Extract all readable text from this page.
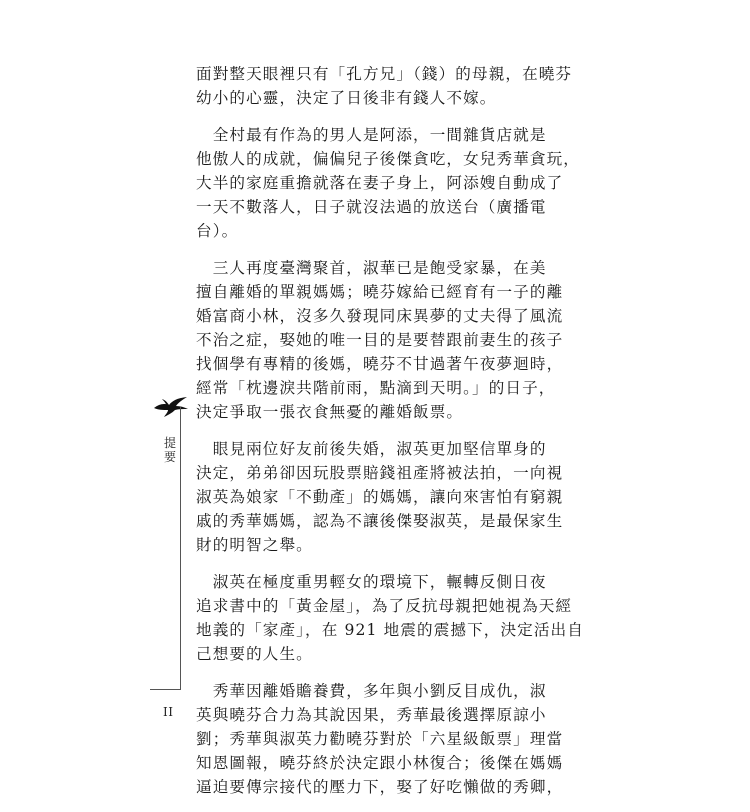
面對整天眼裡只有「孔方兄」（錢）的母親，在曉芬
幼小的心靈，決定了日後非有錢人不嫁。

　全村最有作為的男人是阿添，一間雜貨店就是
他傲人的成就，偏偏兒子後傑貪吃，女兒秀華貪玩，
大半的家庭重擔就落在妻子身上，阿添嫂自動成了
一天不數落人，日子就沒法過的放送台（廣播電
台）。

　三人再度臺灣聚首，淑華已是飽受家暴，在美
擅自離婚的單親媽媽；曉芬嫁給已經育有一子的離
婚富商小林，沒多久發現同床異夢的丈夫得了風流
不治之症，娶她的唯一目的是要替跟前妻生的孩子
找個學有專精的後媽，曉芬不甘過著午夜夢迴時，
經常「枕邊淚共階前雨，點滴到天明。」的日子，
決定爭取一張衣食無憂的離婚飯票。

　眼見兩位好友前後失婚，淑英更加堅信單身的
決定，弟弟卻因玩股票賠錢祖產將被法拍，一向視
淑英為娘家「不動產」的媽媽，讓向來害怕有窮親
戚的秀華媽媽，認為不讓後傑娶淑英，是最保家生
財的明智之舉。

　淑英在極度重男輕女的環境下，輾轉反側日夜
追求書中的「黃金屋」，為了反抗母親把她視為天經
地義的「家產」，在 921 地震的震撼下，決定活出自
己想要的人生。

　秀華因離婚贍養費，多年與小劉反目成仇，淑
英與曉芬合力為其說因果，秀華最後選擇原諒小
劉；秀華與淑英力勸曉芬對於「六星級飯票」理當
知恩圖報，曉芬終於決定跟小林復合；後傑在媽媽
逼迫要傳宗接代的壓力下，娶了好吃懶做的秀卿，

提
要
II
